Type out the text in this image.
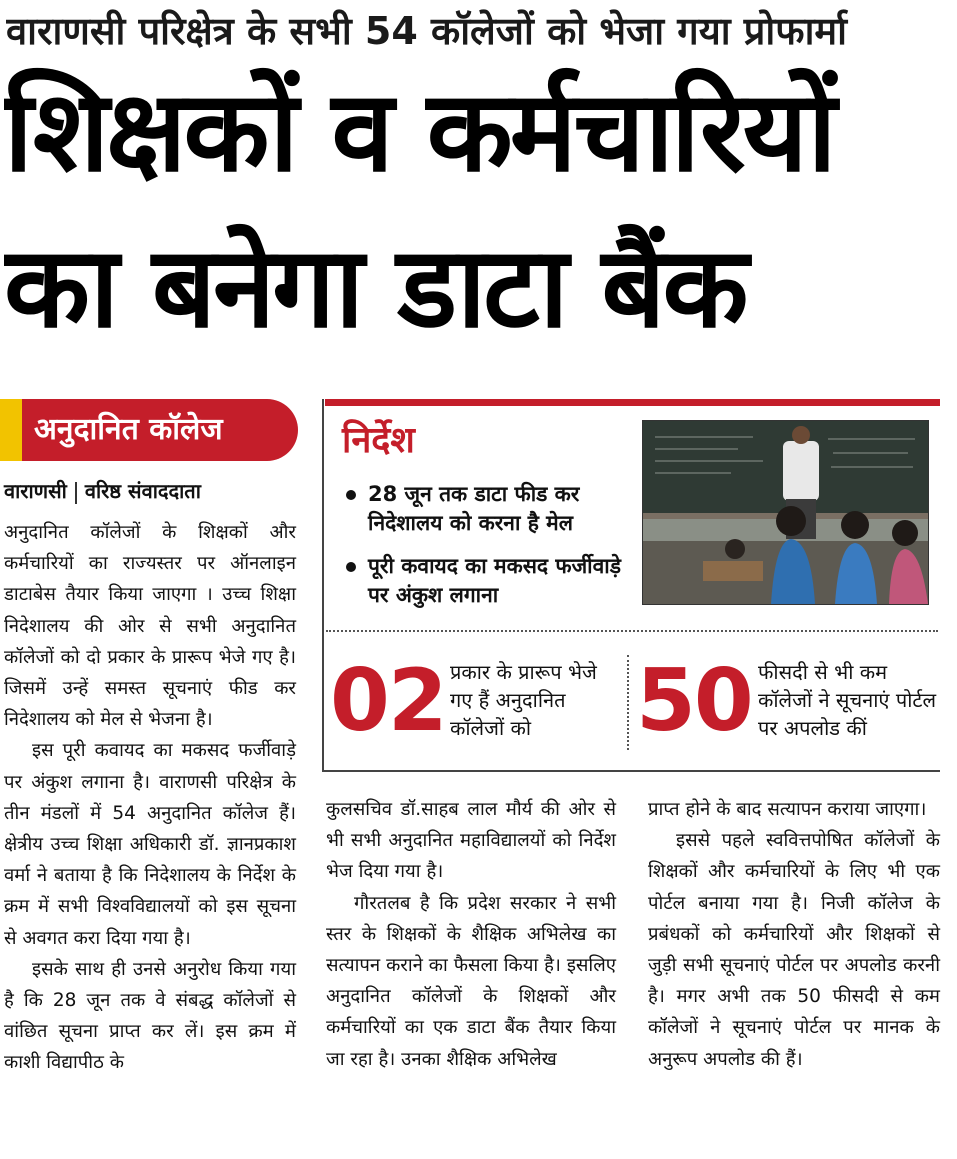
वाराणसी परिक्षेत्र के सभी 54 कॉलेजों को भेजा गया प्रोफार्मा
शिक्षकों व कर्मचारियों
का बनेगा डाटा बैंक
अनुदानित कॉलेज
वाराणसी वरिष्ठ संवाददाता

अनुदानित कॉलेजों के शिक्षकों और कर्मचारियों का राज्यस्तर पर ऑनलाइन डाटाबेस तैयार किया जाएगा । उच्च शिक्षा निदेशालय की ओर से सभी अनुदानित कॉलेजों को दो प्रकार के प्रारूप भेजे गए है। जिसमें उन्हें समस्त सूचनाएं फीड कर निदेशालय को मेल से भेजना है।

इस पूरी कवायद का मकसद फर्जीवाड़े पर अंकुश लगाना है। वाराणसी परिक्षेत्र के तीन मंडलों में 54 अनुदानित कॉलेज हैं। क्षेत्रीय उच्च शिक्षा अधिकारी डॉ. ज्ञानप्रकाश वर्मा ने बताया है कि निदेशालय के निर्देश के क्रम में सभी विश्वविद्यालयों को इस सूचना से अवगत करा दिया गया है।

इसके साथ ही उनसे अनुरोध किया गया है कि 28 जून तक वे संबद्ध कॉलेजों से वांछित सूचना प्राप्त कर लें। इस क्रम में काशी विद्यापीठ के

निर्देश
28 जून तक डाटा फीड कर निदेशालय को करना है मेल
पूरी कवायद का मकसद फर्जीवाड़े पर अंकुश लगाना
02 प्रकार के प्रारूप भेजे गए हैं अनुदानित कॉलेजों को	50 फीसदी से भी कम कॉलेजों ने सूचनाएं पोर्टल पर अपलोड कीं

कुलसचिव डॉ.साहब लाल मौर्य की ओर से भी सभी अनुदानित महाविद्यालयों को निर्देश भेज दिया गया है।

गौरतलब है कि प्रदेश सरकार ने सभी स्तर के शिक्षकों के शैक्षिक अभिलेख का सत्यापन कराने का फैसला किया है। इसलिए अनुदानित कॉलेजों के शिक्षकों और कर्मचारियों का एक डाटा बैंक तैयार किया जा रहा है। उनका शैक्षिक अभिलेख

प्राप्त होने के बाद सत्यापन कराया जाएगा।

इससे पहले स्ववित्तपोषित कॉलेजों के शिक्षकों और कर्मचारियों के लिए भी एक पोर्टल बनाया गया है। निजी कॉलेज के प्रबंधकों को कर्मचारियों और शिक्षकों से जुड़ी सभी सूचनाएं पोर्टल पर अपलोड करनी है। मगर अभी तक 50 फीसदी से कम कॉलेजों ने सूचनाएं पोर्टल पर मानक के अनुरूप अपलोड की हैं।
